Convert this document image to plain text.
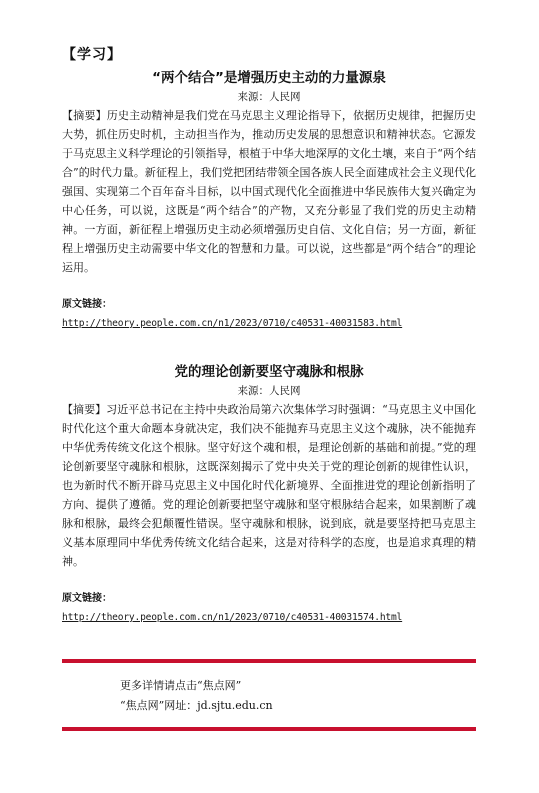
【学习】
“两个结合”是增强历史主动的力量源泉
来源：人民网
【摘要】历史主动精神是我们党在马克思主义理论指导下，依据历史规律，把握历史大势，抓住历史时机，主动担当作为，推动历史发展的思想意识和精神状态。它源发于马克思主义科学理论的引领指导，根植于中华大地深厚的文化土壤，来自于“两个结合”的时代力量。新征程上，我们党把团结带领全国各族人民全面建成社会主义现代化强国、实现第二个百年奋斗目标，以中国式现代化全面推进中华民族伟大复兴确定为中心任务，可以说，这既是“两个结合”的产物，又充分彰显了我们党的历史主动精神。一方面，新征程上增强历史主动必须增强历史自信、文化自信；另一方面，新征程上增强历史主动需要中华文化的智慧和力量。可以说，这些都是“两个结合”的理论运用。
原文链接：
http://theory.people.com.cn/n1/2023/0710/c40531-40031583.html
党的理论创新要坚守魂脉和根脉
来源：人民网
【摘要】习近平总书记在主持中央政治局第六次集体学习时强调：“马克思主义中国化时代化这个重大命题本身就决定，我们决不能抛弃马克思主义这个魂脉，决不能抛弃中华优秀传统文化这个根脉。坚守好这个魂和根，是理论创新的基础和前提。”党的理论创新要坚守魂脉和根脉，这既深刻揭示了党中央关于党的理论创新的规律性认识，也为新时代不断开辟马克思主义中国化时代化新境界、全面推进党的理论创新指明了方向、提供了遵循。党的理论创新要把坚守魂脉和坚守根脉结合起来，如果割断了魂脉和根脉，最终会犯颠覆性错误。坚守魂脉和根脉，说到底，就是要坚持把马克思主义基本原理同中华优秀传统文化结合起来，这是对待科学的态度，也是追求真理的精神。
原文链接：
http://theory.people.com.cn/n1/2023/0710/c40531-40031574.html
更多详情请点击“焦点网”
“焦点网”网址：jd.sjtu.edu.cn
